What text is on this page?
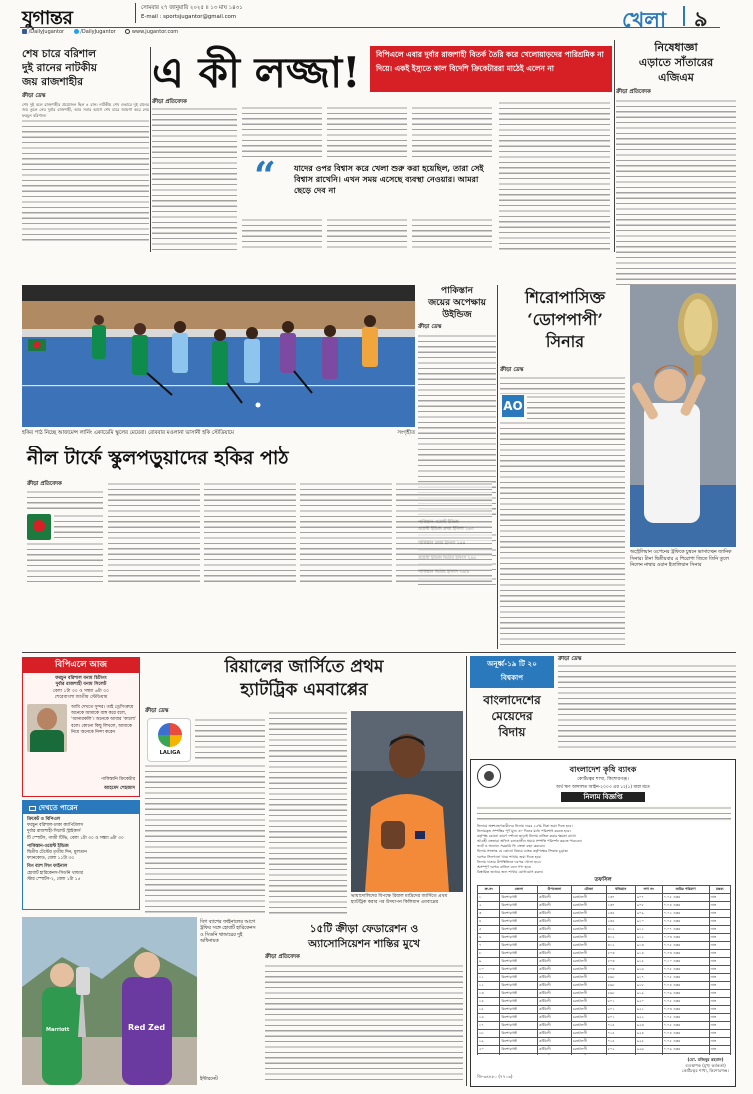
যুগান্তর	সোমবার ২৭ জানুয়ারি ২০২৫ ॥ ১৩ মাঘ ১৪৩১
E-mail : sportsjugantor@gmail.com
/DailyJugantor	/DailyJugantor	www.jugantor.com	খেলা ৯
শেষ চারে বরিশাল
দুই রানের নাটকীয়
জয় রাজশাহীর
ক্রীড়া ডেস্ক
শেষ দুই বলে রাজশাহীর প্রয়োজন ছিল ৪ রান। নাটকীয় শেষ ওভারে দুই রানের জয় তুলে নেয় দুর্বার রাজশাহী, আর সবার আগে শেষ চারে জায়গা করে নেয় ফরচুন বরিশাল।
এ কী লজ্জা!	বিপিএলে এবার দুর্বার রাজশাহী বিতর্ক তৈরি করে খেলোয়াড়দের পারিশ্রমিক না দিয়ে। একই ইস্যুতে কাল বিদেশি ক্রিকেটাররা মাঠেই এলেন না
ক্রীড়া প্রতিবেদক
“ যাদের ওপর বিশ্বাস করে খেলা শুরু করা হয়েছিল, তারা সেই বিশ্বাস রাখেনি। এখন সময় এসেছে ব্যবস্থা নেওয়ার। আমরা ছেড়ে দেব না
নিষেধাজ্ঞা
এড়াতে সাঁতারের
এজিএম
ক্রীড়া প্রতিবেদক
হকির পাঠ নিচ্ছে আজমেন্স লার্নিং একাডেমি স্কুলের মেয়েরা। রোববার মওলানা ভাসানী হকি স্টেডিয়ামে	সংগৃহীত
পাকিস্তান
জয়ের অপেক্ষায়
উইন্ডিজ
ক্রীড়া ডেস্ক
শিরোপাসিক্ত
‘ডোপপাপী’
সিনার
ক্রীড়া ডেস্ক
AO
অস্ট্রেলিয়ান ওপেনের ট্রফিকে চুম্বনে ভাসাচ্ছেন জানিক সিনার। টানা দ্বিতীয়বার এ শিরোপা জিতে তিনি তুলে নিলেন নাম্বার ওয়ান ইতালিয়ান সিনার
নীল টার্ফে স্কুলপড়ুয়াদের হকির পাঠ
ক্রীড়া প্রতিবেদক
বিপিএলে আজ
ফরচুন বরিশাল বনাম চিটাগং
দুর্বার রাজশাহী বনাম সিলেট
বেলা ১টা ৩০ ও সন্ধ্যা ৬টা ৩০
শেরেবাংলা জাতীয় স্টেডিয়াম
আমি দেখতে সুন্দর। তাই ড্রেসিংরুমে অনেকে আমাকে ব্যঙ্গ করে বলে, ‘আনারকলি’। অনেকে আবার ‘কালো’ বলে। কোনো কিছু লিখলে, আমাকে নিয়ে অনেকে নিন্দা করেন
পাকিস্তানি ক্রিকেটার
আহমেদ শেহজাদ
দেখতে পারেন
ক্রিকেট ও বিপিএল
ফরচুন বরিশাল-ঢাকা ক্যাপিটালস
দুর্বার রাজশাহী-সিলেট স্ট্রাইকার্স
টি স্পোর্টস, গাজী টিভি, বেলা ১টা ৩০ ও সন্ধ্যা ৬টা ৩০
পাকিস্তান-ওয়েস্ট ইন্ডিজ
দ্বিতীয় টেস্টের তৃতীয় দিন, মুলতান
ফ্যানকোড, বেলা ১১টা ৩০
বিগ ব্যাশ লিগ ফাইনাল
হোবার্ট হারিকেনস-সিডনি থান্ডার
স্টার স্পোর্টস-২, বেলা ১টা ১৫
রিয়ালের জার্সিতে প্রথম
হ্যাটট্রিক এমবাপ্পের
ক্রীড়া ডেস্ক
LALIGA
ভায়াদোলিদের বিপক্ষে রিয়াল মাদ্রিদের জার্সিতে প্রথম হ্যাটট্রিক করার পর উদযাপন কিলিয়ান এমবাপ্পের
Marriott	Red Zed
বিগ ব্যাশের ফাইনালের আগে ট্রফির সঙ্গে হোবার্ট হারিকেনস ও সিডনি থান্ডারের দুই অধিনায়ক
ইন্টারনেট
১৫টি ক্রীড়া ফেডারেশন ও
অ্যাসোসিয়েশন শান্তির মুখে
ক্রীড়া প্রতিবেদক
অনূর্ধ্ব-১৯ টি ২০
বিশ্বকাপ
বাংলাদেশের
মেয়েদের
বিদায়
ক্রীড়া ডেস্ক
বাংলাদেশ কৃষি ব্যাংক
কোর্টচত্বর শাখা, কিশোরগঞ্জ।
অর্থ ঋণ আদালত আইন-২০০৩ এর ১২(১) ধারা মতে
নিলাম বিজ্ঞপ্তি
নিলামে অংশগ্রহণকারীদের নিলাম দরের ২৫% টাকা জমা দিতে হবে।
নিলামকৃত সম্পত্তির পূর্ণ মূল্য ৩০ দিনের মধ্যে পরিশোধ করতে হবে।
কর্তৃপক্ষ কোনো কারণ দর্শানো ছাড়াই নিলাম বাতিল করার ক্ষমতা রাখে।
আগ্রহী ক্রেতারা অফিস চলাকালীন সময়ে সম্পত্তি পরিদর্শন করতে পারবেন।
ভ্যাট ও অন্যান্য সরকারি ফি ক্রেতা বহন করবেন।
নিলাম সংক্রান্ত যে কোনো বিষয়ে ব্যাংক কর্তৃপক্ষের সিদ্ধান্ত চূড়ান্ত।
দরপত্র সিলগালা খামে শাখায় জমা দিতে হবে।
নিলাম দাতার উপস্থিতিতে দরপত্র খোলা হবে।
অসম্পূর্ণ দরপত্র বাতিল বলে গণ্য হবে।
বিস্তারিত তথ্যের জন্য শাখায় যোগাযোগ করুন।
তফসিল
ক্র.নং	জেলা	উপজেলা	মৌজা	খতিয়ান	দাগ নং	জমির পরিমাণ	মন্তব্য
১	কিশোরগঞ্জ	কটিয়াদী	চরআলগী	১৩৭	৯০৭	০.০৫ একর	নাল
২	কিশোরগঞ্জ	কটিয়াদী	চরআলগী	১৩৭	৯০৮	০.০৪ একর	নাল
৩	কিশোরগঞ্জ	কটিয়াদী	চরআলগী	২৩৫	৯০৯	০.০২ একর	নাল
৪	কিশোরগঞ্জ	কটিয়াদী	চরআলগী	২৩৫	৯১০	০.০৫ একর	নাল
৫	কিশোরগঞ্জ	কটিয়াদী	চরআলগী	৪১২	৯১১	০.০৭ একর	নাল
৬	কিশোরগঞ্জ	কটিয়াদী	চরআলগী	৪১২	৯১২	০.০৩ একর	নাল
৭	কিশোরগঞ্জ	কটিয়াদী	চরআলগী	৪১২	৯১৩	০.০৫ একর	নাল
৮	কিশোরগঞ্জ	কটিয়াদী	চরআলগী	৫০৩	৯১৪	০.০৩ একর	নাল
৯	কিশোরগঞ্জ	কটিয়াদী	চরআলগী	৫০৩	৯১৫	০.১০ একর	নাল
১০	কিশোরগঞ্জ	কটিয়াদী	চরআলগী	৫০৩	৯১৬	০.০৫ একর	নাল
১১	কিশোরগঞ্জ	কটিয়াদী	চরআলগী	৫৬৮	৯১৭	০.০৫ একর	নাল
১২	কিশোরগঞ্জ	কটিয়াদী	চরআলগী	৫৬৮	৯১৮	০.০৪ একর	নাল
১৩	কিশোরগঞ্জ	কটিয়াদী	চরআলগী	৫৬৮	৯১৯	০.০৬ একর	নাল
১৪	কিশোরগঞ্জ	কটিয়াদী	চরআলগী	৬০১	৯২০	০.০৫ একর	নাল
১৫	কিশোরগঞ্জ	কটিয়াদী	চরআলগী	৬০১	৯২১	০.০৩ একর	নাল
১৬	কিশোরগঞ্জ	কটিয়াদী	চরআলগী	৬০১	৯২২	০.০৫ একর	নাল
১৭	কিশোরগঞ্জ	কটিয়াদী	চরআলগী	৭১৫	৯২৩	০.০৫ একর	নাল
১৮	কিশোরগঞ্জ	কটিয়াদী	চরআলগী	৭১৫	৯২৪	০.০৪ একর	নাল
১৯	কিশোরগঞ্জ	কটিয়াদী	চরআলগী	৭১৫	৯২৫	০.০৫ একর	নাল
২০	কিশোরগঞ্জ	কটিয়াদী	চরআলগী	৮০২	৯২৬	০.০৬ একর	নাল

জি-৩৪৮৮০ (৭৭০৩)
(মো. মজিবুর রহমান)
ব্যবস্থাপক (মুখ্য কর্মকর্তা)
কোর্টচত্বর শাখা, কিশোরগঞ্জ।
